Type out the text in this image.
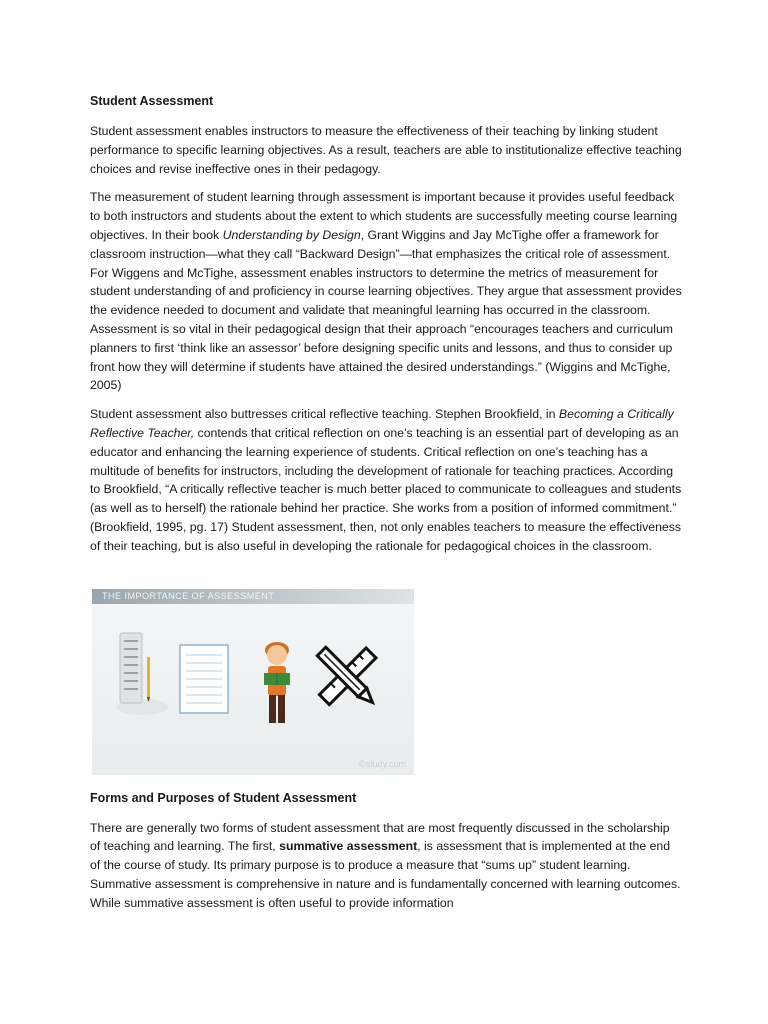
Student Assessment

Student assessment enables instructors to measure the effectiveness of their teaching by linking student performance to specific learning objectives. As a result, teachers are able to institutionalize effective teaching choices and revise ineffective ones in their pedagogy.

The measurement of student learning through assessment is important because it provides useful feedback to both instructors and students about the extent to which students are successfully meeting course learning objectives. In their book Understanding by Design, Grant Wiggins and Jay McTighe offer a framework for classroom instruction—what they call “Backward Design”—that emphasizes the critical role of assessment. For Wiggens and McTighe, assessment enables instructors to determine the metrics of measurement for student understanding of and proficiency in course learning objectives. They argue that assessment provides the evidence needed to document and validate that meaningful learning has occurred in the classroom. Assessment is so vital in their pedagogical design that their approach “encourages teachers and curriculum planners to first ‘think like an assessor’ before designing specific units and lessons, and thus to consider up front how they will determine if students have attained the desired understandings.” (Wiggins and McTighe, 2005)

Student assessment also buttresses critical reflective teaching. Stephen Brookfield, in Becoming a Critically Reflective Teacher, contends that critical reflection on one’s teaching is an essential part of developing as an educator and enhancing the learning experience of students. Critical reflection on one’s teaching has a multitude of benefits for instructors, including the development of rationale for teaching practices. According to Brookfield, “A critically reflective teacher is much better placed to communicate to colleagues and students (as well as to herself) the rationale behind her practice. She works from a position of informed commitment.” (Brookfield, 1995, pg. 17) Student assessment, then, not only enables teachers to measure the effectiveness of their teaching, but is also useful in developing the rationale for pedagogical choices in the classroom.

THE IMPORTANCE OF ASSESSMENT
©study.com
Forms and Purposes of Student Assessment

There are generally two forms of student assessment that are most frequently discussed in the scholarship of teaching and learning. The first, summative assessment, is assessment that is implemented at the end of the course of study. Its primary purpose is to produce a measure that “sums up” student learning. Summative assessment is comprehensive in nature and is fundamentally concerned with learning outcomes. While summative assessment is often useful to provide information
